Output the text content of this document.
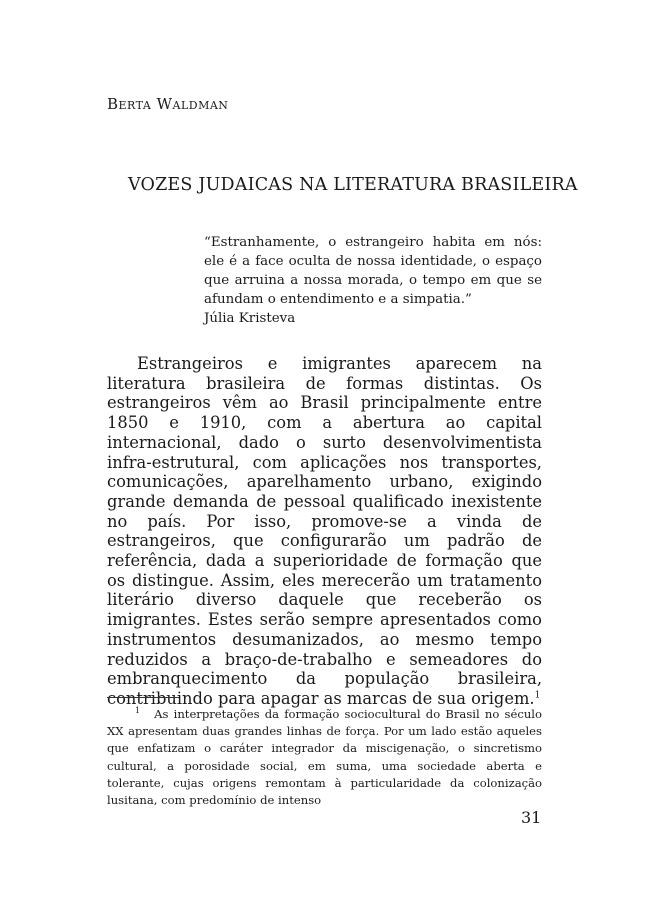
Berta Waldman
VOZES JUDAICAS NA LITERATURA BRASILEIRA
“Estranhamente, o estrangeiro habita em nós: ele é a face oculta de nossa identidade, o espaço que arruina a nossa morada, o tempo em que se afundam o entendimento e a simpatia.”
Júlia Kristeva

Estrangeiros e imigrantes aparecem na literatura brasileira de formas distintas. Os estrangeiros vêm ao Brasil principalmente entre 1850 e 1910, com a abertura ao capital internacional, dado o surto desenvolvimentista infra-estrutural, com aplicações nos transportes, comunicações, aparelhamento urbano, exigindo grande demanda de pessoal qualificado inexistente no país. Por isso, promove-se a vinda de estrangeiros, que configurarão um padrão de referência, dada a superioridade de formação que os distingue. Assim, eles merecerão um tratamento literário diverso daquele que receberão os imigrantes. Estes serão sempre apresentados como instrumentos desumanizados, ao mesmo tempo reduzidos a braço-de-trabalho e semeadores do embranquecimento da população brasileira, contribuindo para apagar as marcas de sua origem.$^1$

$^1$ As interpretações da formação sociocultural do Brasil no século XX apresentam duas grandes linhas de força. Por um lado estão aqueles que enfatizam o caráter integrador da miscigenação, o sincretismo cultural, a porosidade social, em suma, uma sociedade aberta e tolerante, cujas origens remontam à particularidade da colonização lusitana, com predomínio de intenso

31
